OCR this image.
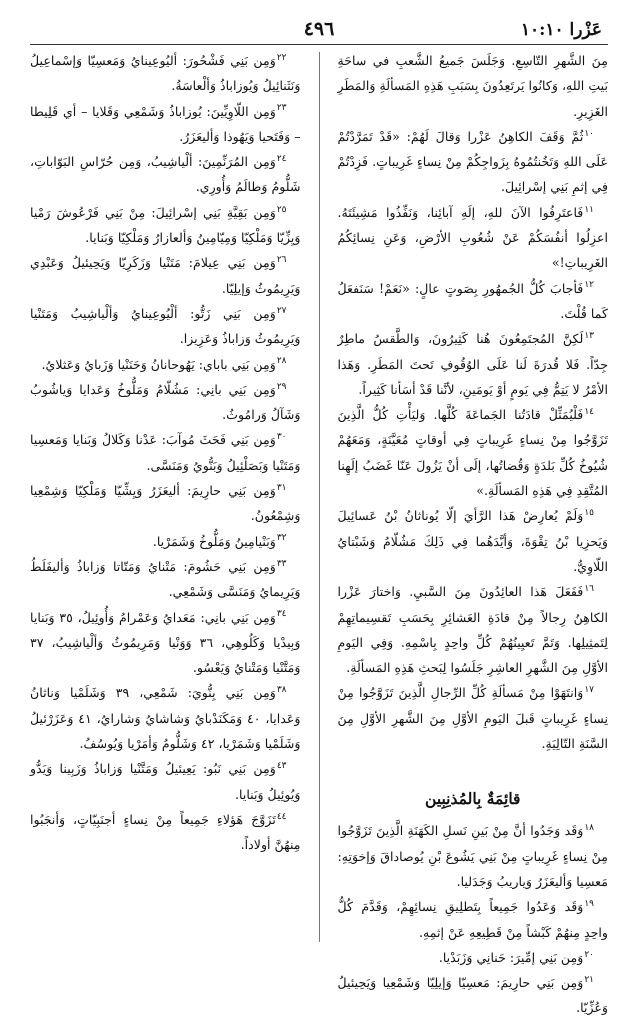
عَزْرا ١٠:١٠
٤٩٦

مِنَ الشَّهرِ التّاسِعِ. وَجَلَسَ جَميعُ الشَّعبِ في ساحَةِ بَيتِ اللهِ، وَكانُوا يَرتَعِدُونَ بِسَبَبِ هَذِهِ المَسألَةِ وَالمَطَرِ الغَزِيرِ.

$^{١٠}$ثُمَّ وَقَفَ الكاهِنُ عَزْرا وَقالَ لَهُمْ: «قَدْ تَمَرَّدْتُمْ عَلَى اللهِ وَتَخُنتُمُوهُ بِزَواجِكُمْ مِنْ نِساءٍ غَرِيباتٍ. فَزِدْتُمْ فِي إثمِ بَنِي إسْرائِيلَ.

$^{١١}$فَاعتَرِفُوا الآنَ للهِ، إلَهِ آبائِنا، وَنَفِّذُوا مَشِيئَتَهُ. اعزِلُوا أنفُسَكُمْ عَنْ شُعُوبِ الأرْضِ، وَعَنِ نِسائِكُمُ الغَرِيباتِ!»

$^{١٢}$فَأجابَ كُلُّ الجُمهُورِ بِصَوتٍ عالٍ: «نَعَمْ! سَنَفعَلُ كَما قُلْتَ.

$^{١٣}$لَكِنَّ المُجتَمِعُونَ هُنا كَثِيرُونَ، وَالطَّقسُ ماطِرٌ جِدّاً. فَلا قُدرَةَ لَنا عَلَى الوُقُوفِ تَحتَ المَطَرِ. وَهَذا الأمْرُ لا يَتِمُّ فِي يَومٍ أوْ يَومَينِ، لأنَّنا قَدْ أسَأنا كَثِيراً.

$^{١٤}$فَلْيُمَثِّلْ قادَتُنا الجَماعَةَ كُلَّها. وَليَأْتِ كُلُّ الَّذِينَ تَزَوَّجُوا مِنْ نِساءٍ غَرِيباتٍ فِي أوقاتٍ مُعَيَّنَةٍ، وَمَعَهُمْ شُيُوخُ كُلِّ بَلدَةٍ وَقُضاتُها، إلَى أنْ يَزُولَ عَنّا غَضَبُ إلَهِنا المُتَّقِدِ فِي هَذِهِ المَسألَةِ.»

$^{١٥}$وَلَمْ يُعارِضْ هَذا الرَّأيَ إلّا يُوناثانُ بْنُ عَسائِيلَ وَيَحزِيا بْنُ تِقْوَةَ، وَأيَّدَهُما فِي ذَلِكَ مَشُلّامُ وَشَبْتايُ اللّاوِيُّ.

$^{١٦}$فَفَعَلَ هَذا العائِدُونَ مِنَ السَّبيِ. وَاختارَ عَزْرا الكاهِنُ رِجالاً مِنْ قادَةِ العَشائِرِ بِحَسَبِ تَقسِيماتِهِمْ لِتَمثِيلِها. وَتَمَّ تَعيِينُهُمْ كُلِّ واحِدٍ بِاسْمِهِ. وَفِي اليَومِ الأوَّلِ مِنَ الشَّهرِ العاشِرِ جَلَسُوا لِبَحثِ هَذِهِ المَسألَةِ.

$^{١٧}$وَانتَهَوْا مِنْ مَسألَةِ كُلِّ الرِّجالِ الَّذِينَ تَزَوَّجُوا مِنْ نِساءٍ غَرِيباتٍ قَبلَ اليَومِ الأوَّلِ مِنَ الشَّهرِ الأوَّلِ مِنَ السَّنَةِ التّالِيَةِ.

قائِمَةٌ بِالمُذنِبِين

$^{١٨}$وَقَد وَجَدُوا أنَّ مِنْ بَينِ نَسلِ الكَهَنَةِ الَّذِينَ تَزَوَّجُوا مِنْ نِساءٍ غَرِيباتٍ مِنْ بَنِي يَشُوعَ بْنِ يُوصاداقَ وَإخوَتِهِ: مَعسِيا وَأليعَزَرُ وَياريبُ وَجَدَليا.

$^{١٩}$وَقَد وَعَدُوا جَمِيعاً بِتَطلِيقِ نِسائِهِمْ، وَقَدَّمَ كُلُّ واحِدٍ مِنهُمْ كَبْشاً مِنْ قَطِيعِهِ عَنْ إثمِهِ.

$^{٢٠}$وَمِن بَنِي إمِّيرَ: حَنانِي وَزَبَدْيا.

$^{٢١}$وَمِن بَنِي حارِيمَ: مَعسِيّا وَإيلِيّا وَشَمْعِيا وَيَحِيئيلُ وَعُزِّيّا.

$^{٢٢}$وَمِن بَنِي فَشْحُورَ: أليُوعِينايُ وَمَعسِيّا وَإسْماعِيلُ وَنَثَنائِيلُ وَيُوزاباذُ وَألْعاسَةُ.

$^{٢٣}$وَمِن اللّاوِيِّينَ: يُوزاباذُ وَشَمْعِي وَقَلايا – أي قَلِيطا – وَفَتَحيا وَيَهُوذا وَأليعَزَرُ.

$^{٢٤}$وَمِن المُرَنِّمِينَ: ألْياشِيبُ، وَمِن حُرّاسِ البَوّاباتِ، شَلُّومُ وَطالَمُ وَأُورِي.

$^{٢٥}$وَمِن بَقِيَّةِ بَنِي إسْرائِيلَ: مِنْ بَنِي فَرْعُوشَ رَمْيا وَيِزِّيّا وَمَلْكِيّا وَمِيّامِينُ وَألعازارُ وَمَلْكِيّا وَبَنايا.

$^{٢٦}$وَمِن بَنِي عِيلامَ: مَتَنْيا وَزَكَرِيّا وَيَحِيئيلُ وَعَبْدِي وَيَرِيمُوثُ وَإيلِيّا.

$^{٢٧}$وَمِن بَنِي زَتُّو: ألْيُوعِينايُ وَألْياشِيبُ وَمَتَنْيا وَيَرِيمُوثُ وَزاباذُ وَعَزِيزا.

$^{٢٨}$وَمِن بَنِي باباي: يَهُوحانانُ وَحَنَنْيا وَزَبايُ وَعَثلايُ.

$^{٢٩}$وَمِن بَنِي بانِي: مَشُلّامُ وَمَلُّوخُ وَعَدايا وَياشُوبُ وَشَآلُ وَرامُوثُ.

$^{٣٠}$وَمِن بَنِي فَحَثَ مُوآبَ: عَدْنا وَكَلالُ وَبَنايا وَمَعسِيا وَمَتَنْيا وَبَصَلْئِيلُ وَبَنُّويُ وَمَنَسَّى.

$^{٣١}$وَمِن بَنِي حارِيمَ: أليعَزَرُ وَيِشِّيّا وَمَلْكِيّا وَشِمْعِيا وَشِمْعُونُ.

$^{٣٢}$وَبَنْيامِينُ وَمَلُّوخُ وَشَمَرْيا.

$^{٣٣}$وَمِن بَنِي حَشُومَ: مَتْنايُ وَمَتّاتا وَزاباذُ وَأليفَلَطُ وَيَرِيمايُ وَمَنَسَّى وَشَمْعِي.

$^{٣٤}$وَمِن بَنِي بانِي: مَعَدايُ وَعَمْرامُ وَأُوئِيلُ، ٣٥ وَبَنايا وَبِيدْيا وَكَلُوهِي، ٣٦ وَوَنْيا وَمَرِيمُوثُ وَألْياشِيبُ، ٣٧ وَمَتَّنْيا وَمَتْنايُ وَيَعْسُو.

$^{٣٨}$وَمِن بَنِي بِنُّويَ: شَمْعِي، ٣٩ وَشَلَمْيا وَناثانُ وَعَدايا، ٤٠ وَمَكَنَدْبايُ وَشاشايُ وَشارايُ، ٤١ وَعَزَرْئيلُ وَشَلَمْيا وَشَمَرْيا، ٤٢ وَشَلُّومُ وَأمَرْيا وَيُوسُفُ.

$^{٤٣}$وَمِن بَنِي نَبُو: يَعِيئيلُ وَمَتَّنْيا وَزاباذُ وَزَبِينا وَيَدُّو وَيُوئِيلُ وَبَنايا.

$^{٤٤}$تَزَوَّجَ هَؤلاءِ جَمِيعاً مِنْ نِساءٍ أجنَبِيّاتٍ، وَأنجَبُوا مِنهُنَّ أولاداً.
